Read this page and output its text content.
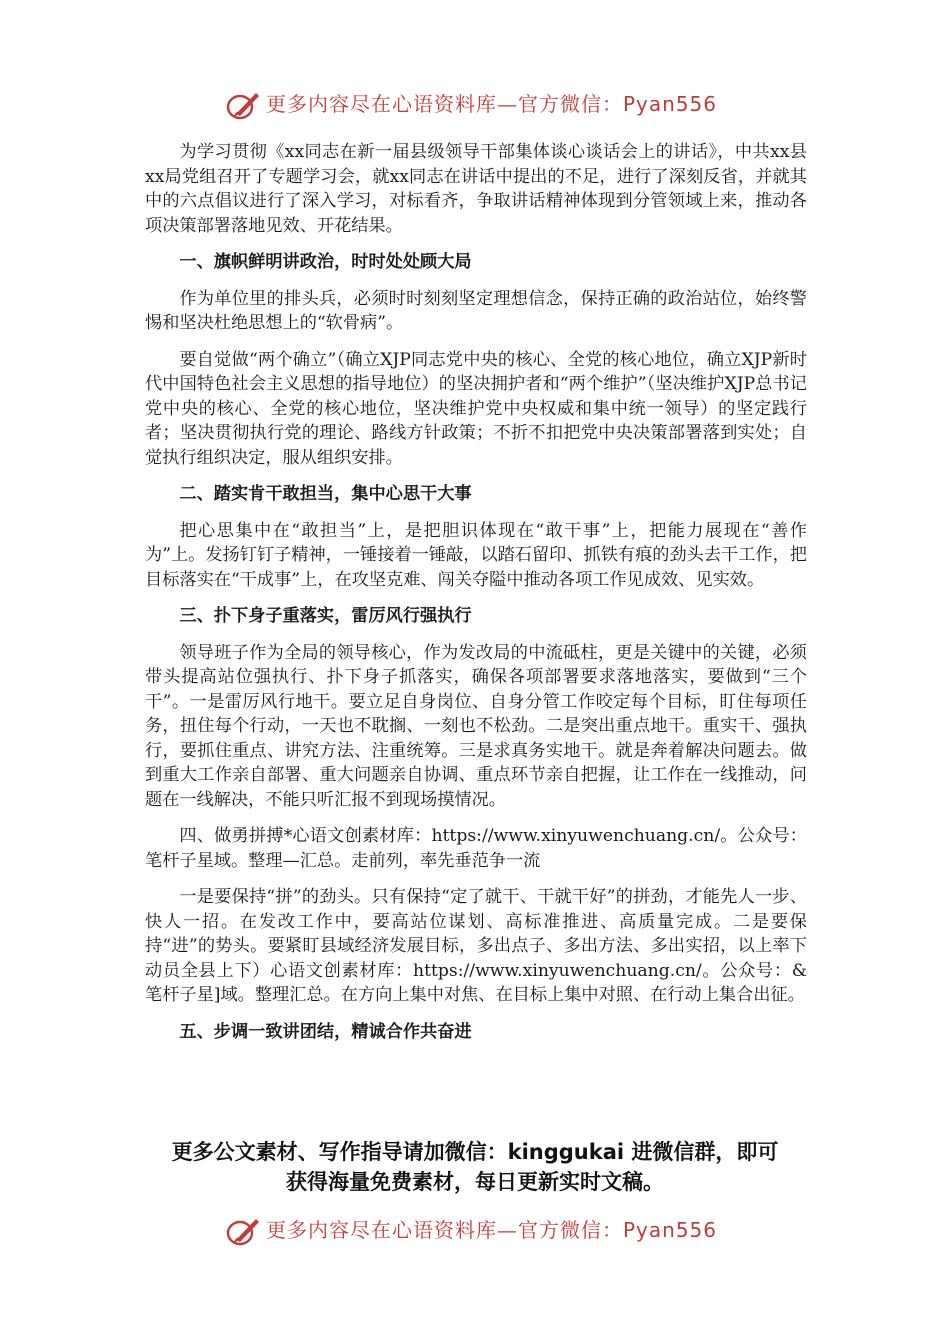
更多内容尽在心语资料库—官方微信：Pyan556

为学习贯彻《xx同志在新一届县级领导干部集体谈心谈话会上的讲话》，中共xx县xx局党组召开了专题学习会，就xx同志在讲话中提出的不足，进行了深刻反省，并就其中的六点倡议进行了深入学习，对标看齐，争取讲话精神体现到分管领域上来，推动各项决策部署落地见效、开花结果。

一、旗帜鲜明讲政治，时时处处顾大局

作为单位里的排头兵，必须时时刻刻坚定理想信念，保持正确的政治站位，始终警惕和坚决杜绝思想上的“软骨病”。

要自觉做“两个确立”（确立XJP同志党中央的核心、全党的核心地位，确立XJP新时代中国特色社会主义思想的指导地位）的坚决拥护者和“两个维护”（坚决维护XJP总书记党中央的核心、全党的核心地位，坚决维护党中央权威和集中统一领导）的坚定践行者；坚决贯彻执行党的理论、路线方针政策；不折不扣把党中央决策部署落到实处；自觉执行组织决定，服从组织安排。

二、踏实肯干敢担当，集中心思干大事

把心思集中在“敢担当”上，是把胆识体现在“敢干事”上，把能力展现在“善作为”上。发扬钉钉子精神，一锤接着一锤敲，以踏石留印、抓铁有痕的劲头去干工作，把目标落实在“干成事”上，在攻坚克难、闯关夺隘中推动各项工作见成效、见实效。

三、扑下身子重落实，雷厉风行强执行

领导班子作为全局的领导核心，作为发改局的中流砥柱，更是关键中的关键，必须带头提高站位强执行、扑下身子抓落实，确保各项部署要求落地落实，要做到“三个干”。一是雷厉风行地干。要立足自身岗位、自身分管工作咬定每个目标，盯住每项任务，扭住每个行动，一天也不耽搁、一刻也不松劲。二是突出重点地干。重实干、强执行，要抓住重点、讲究方法、注重统筹。三是求真务实地干。就是奔着解决问题去。做到重大工作亲自部署、重大问题亲自协调、重点环节亲自把握，让工作在一线推动，问题在一线解决，不能只听汇报不到现场摸情况。

四、做勇拼搏*心语文创素材库：https://www.xinyuwenchuang.cn/。公众号：笔杆子星域。整理—汇总。走前列，率先垂范争一流

一是要保持“拼”的劲头。只有保持“定了就干、干就干好”的拼劲，才能先人一步、快人一招。在发改工作中，要高站位谋划、高标准推进、高质量完成。二是要保持“进”的势头。要紧盯县域经济发展目标，多出点子、多出方法、多出实招，以上率下动员全县上下）心语文创素材库：https://www.xinyuwenchuang.cn/。公众号：&笔杆子星]域。整理汇总。在方向上集中对焦、在目标上集中对照、在行动上集合出征。

五、步调一致讲团结，精诚合作共奋进
更多公文素材、写作指导请加微信：kinggukai 进微信群，即可
获得海量免费素材，每日更新实时文稿。
更多内容尽在心语资料库—官方微信：Pyan556
